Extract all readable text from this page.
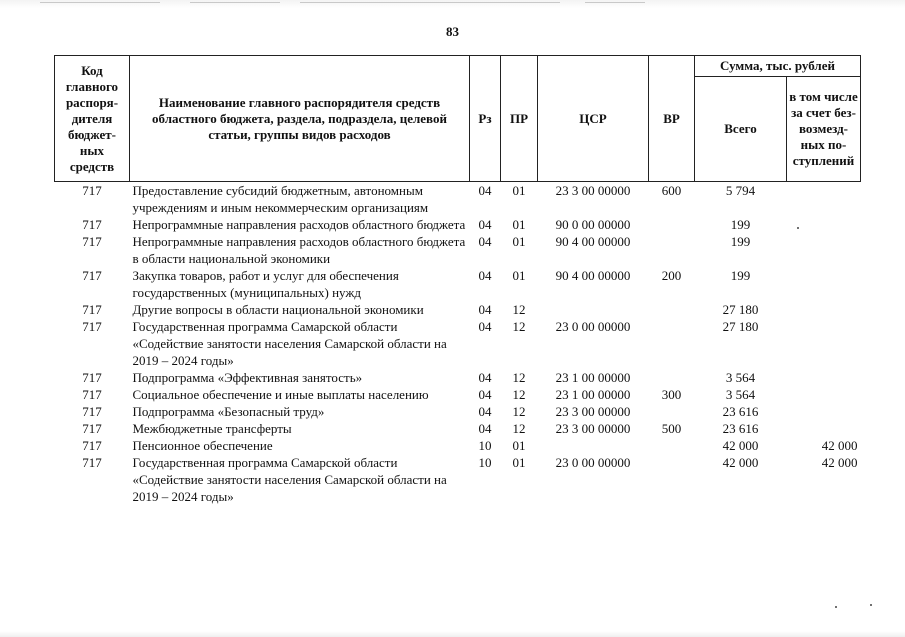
83
Код главного распоря-дителя бюджет-ных средств	Наименование главного распорядителя средств областного бюджета, раздела, подраздела, целевой статьи, группы видов расходов	Рз	ПР	ЦСР	ВР	Сумма, тыс. рублей	
						Всего	в том числе за счет без-возмезд-ных по-ступлений
717	Предоставление субсидий бюджетным, автономным учреждениям и иным некоммерческим организациям	04	01	23 3 00 00000	600	5 794	
717	Непрограммные направления расходов областного бюджета	04	01	90 0 00 00000		199	
717	Непрограммные направления расходов областного бюджета в области национальной экономики	04	01	90 4 00 00000		199	
717	Закупка товаров, работ и услуг для обеспечения государственных (муниципальных) нужд	04	01	90 4 00 00000	200	199	
717	Другие вопросы в области национальной экономики	04	12			27 180	
717	Государственная программа Самарской области «Содействие занятости населения Самарской области на 2019 – 2024 годы»	04	12	23 0 00 00000		27 180	
717	Подпрограмма «Эффективная занятость»	04	12	23 1 00 00000		3 564	
717	Социальное обеспечение и иные выплаты населению	04	12	23 1 00 00000	300	3 564	
717	Подпрограмма «Безопасный труд»	04	12	23 3 00 00000		23 616	
717	Межбюджетные трансферты	04	12	23 3 00 00000	500	23 616	
717	Пенсионное обеспечение	10	01			42 000	42 000
717	Государственная программа Самарской области «Содействие занятости населения Самарской области на 2019 – 2024 годы»	10	01	23 0 00 00000		42 000	42 000
